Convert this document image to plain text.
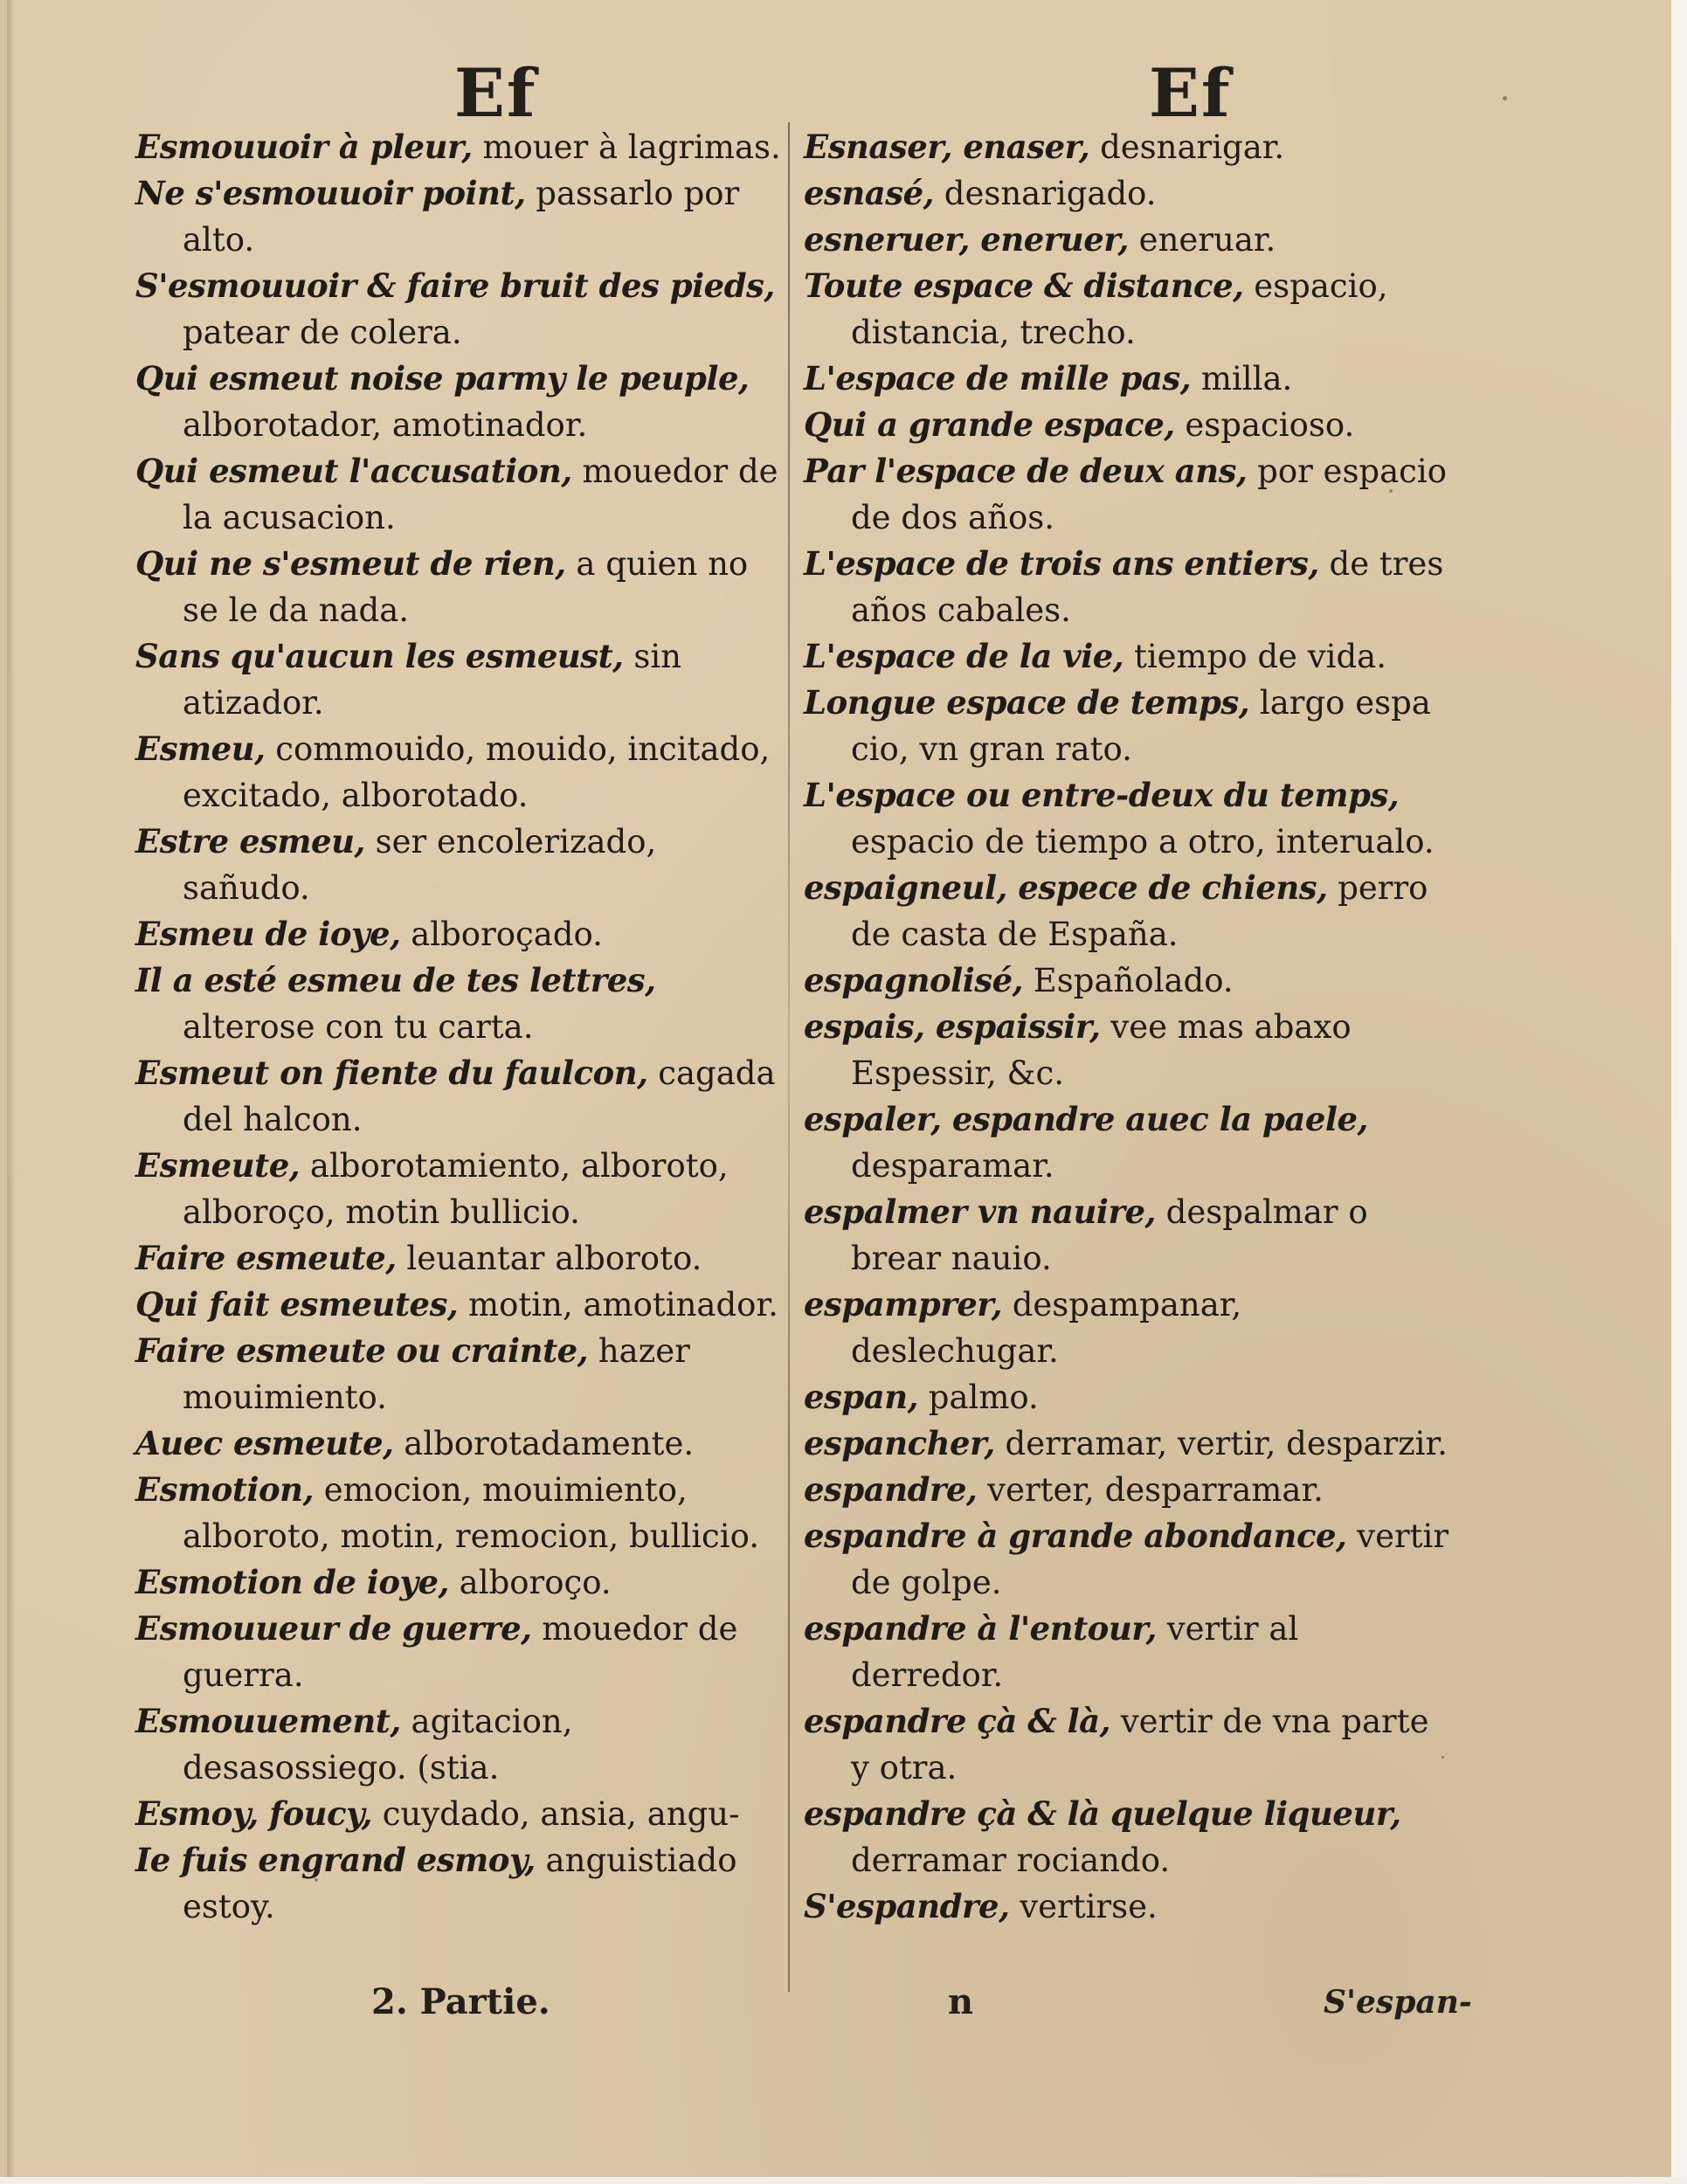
Ef	Ef
Esmouuoir à pleur, mouer à lagrimas.
Ne s'esmouuoir point, passarlo por alto.
S'esmouuoir & faire bruit des pieds, patear de colera.
Qui esmeut noise parmy le peuple, alborotador, amotinador.
Qui esmeut l'accusation, mouedor de la acusacion.
Qui ne s'esmeut de rien, a quien no se le da nada.
Sans qu'aucun les esmeust, sin atizador.
Esmeu, commouido, mouido, incitado, excitado, alborotado.
Estre esmeu, ser encolerizado, sañudo.
Esmeu de ioye, alboroçado.
Il a esté esmeu de tes lettres, alterose con tu carta.
Esmeut on fiente du faulcon, cagada del halcon.
Esmeute, alborotamiento, alboroto, alboroço, motin bullicio.
Faire esmeute, leuantar alboroto.
Qui fait esmeutes, motin, amotinador.
Faire esmeute ou crainte, hazer mouimiento.
Auec esmeute, alborotadamente.
Esmotion, emocion, mouimiento, alboroto, motin, remocion, bullicio.
Esmotion de ioye, alboroço.
Esmouueur de guerre, mouedor de guerra.
Esmouuement, agitacion, desasossiego. (stia.
Esmoy, foucy, cuydado, ansia, angu-
Ie fuis engrand esmoy, anguistiado estoy.
Esnaser, enaser, desnarigar.
esnasé, desnarigado.
esneruer, eneruer, eneruar.
Toute espace & distance, espacio, distancia, trecho.
L'espace de mille pas, milla.
Qui a grande espace, espacioso.
Par l'espace de deux ans, por espacio de dos años.
L'espace de trois ans entiers, de tres años cabales.
L'espace de la vie, tiempo de vida.
Longue espace de temps, largo espa cio, vn gran rato.
L'espace ou entre-deux du temps, espacio de tiempo a otro, interualo.
espaigneul, espece de chiens, perro de casta de España.
espagnolisé, Españolado.
espais, espaissir, vee mas abaxo Espessir, &c.
espaler, espandre auec la paele, desparamar.
espalmer vn nauire, despalmar o brear nauio.
espamprer, despampanar, deslechugar.
espan, palmo.
espancher, derramar, vertir, desparzir.
espandre, verter, desparramar.
espandre à grande abondance, vertir de golpe.
espandre à l'entour, vertir al derredor.
espandre çà & là, vertir de vna parte y otra.
espandre çà & là quelque liqueur, derramar rociando.
S'espandre, vertirse.
2. Partie.	n	S'espan-
